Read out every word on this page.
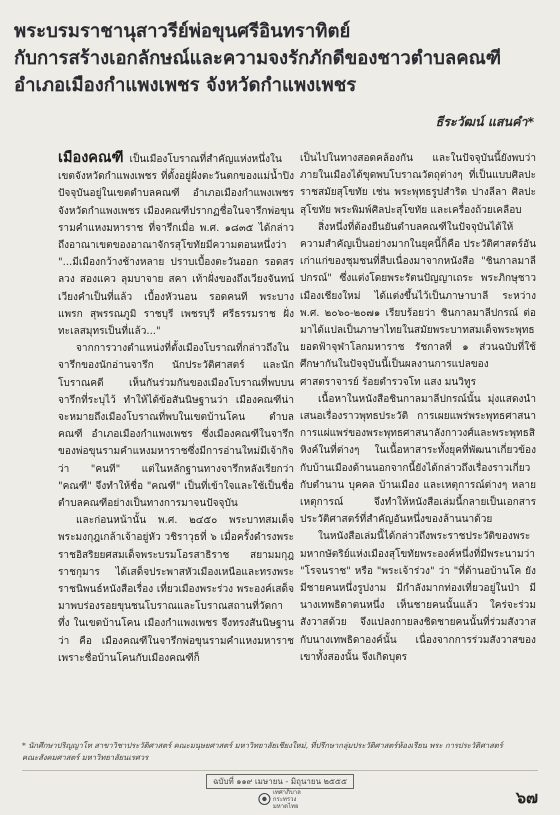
พระบรมราชานุสาวรีย์พ่อขุนศรีอินทราทิตย์
กับการสร้างเอกลักษณ์และความจงรักภักดีของชาวตำบลคณฑี
อำเภอเมืองกำแพงเพชร จังหวัดกำแพงเพชร
ธีระวัฒน์ แสนคำ*

เมืองคณฑี เป็นเมืองโบราณที่สำคัญแห่งหนึ่งในเขตจังหวัดกำแพงเพชร ที่ตั้งอยู่ฝั่งตะวันตกของแม่น้ำปิง ปัจจุบันอยู่ในเขตตำบลคณฑี อำเภอเมืองกำแพงเพชร จังหวัดกำแพงเพชร เมืองคณฑีปรากฏชื่อในจารึกพ่อขุนรามคำแหงมหาราช ที่จารึกเมื่อ พ.ศ. ๑๘๓๕ ได้กล่าวถึงอาณาเขตของอาณาจักรสุโขทัยมีความตอนหนึ่งว่า "...มีเมืองกว้างช้างหลาย ปราบเบื้องตะวันออก รอดสรลวง สองแคว ลุมบาจาย สคา เท้าฝั่งของถึงเวียงจันทน์เวียงคำเป็นที่แล้ว เบื้องหัวนอน รอดคนที พระบาง แพรก สุพรรณภูมิ ราชบุรี เพชรบุรี ศรีธรรมราช ฝั่งทะเลสมุทรเป็นที่แล้ว..."

จากการวางตำแหน่งที่ตั้งเมืองโบราณที่กล่าวถึงในจารึกของนักอ่านจารึก นักประวัติศาสตร์ และนักโบราณคดี เห็นกันร่วมกันของเมืองโบราณที่พบบนจารึกที่ระบุไว้ ทำให้ได้ข้อสันนิษฐานว่า เมืองคณฑีน่าจะหมายถึงเมืองโบราณที่พบในเขตบ้านโคน ตำบลคณฑี อำเภอเมืองกำแพงเพชร ซึ่งเมืองคณฑีในจารึกของพ่อขุนรามคำแหงมหาราชซึ่งมีการอ่านใหม่มีเจ้ากิจว่า "คนที" แต่ในหลักฐานทางจารึกหลังเรียกว่า "คณฑี" จึงทำให้ชื่อ "คณฑี" เป็นที่เข้าใจและใช้เป็นชื่อตำบลคณฑีอย่างเป็นทางการมาจนปัจจุบัน

และก่อนหน้านั้น พ.ศ. ๒๔๕๐ พระบาทสมเด็จพระมงกุฎเกล้าเจ้าอยู่หัว วชิราวุธที่ ๖ เมื่อครั้งดำรงพระราชอิสริยยศสมเด็จพระบรมโอรสาธิราช สยามมกุฎราชกุมาร ได้เสด็จประพาสหัวเมืองเหนือและทรงพระราชนิพนธ์หนังสือเรื่อง เที่ยวเมืองพระร่วง พระองค์เสด็จมาพบร่องรอยขุนชนโบราณและโบราณสถานที่วัดกาทึ่ง ในเขตบ้านโคน เมืองกำแพงเพชร จึงทรงสันนิษฐานว่า คือ เมืองคณฑีในจารึกพ่อขุนรามคำแหงมหาราช เพราะชื่อบ้านโคนกับเมืองคณฑีก็

เป็นไปในทางสอดคล้องกัน และในปัจจุบันนี้ยังพบว่าภายในเมืองได้ขุดพบโบราณวัตถุต่างๆ ที่เป็นแบบศิลปะราชสมัยสุโขทัย เช่น พระพุทธรูปสำริด ปางลีลา ศิลปะสุโขทัย พระพิมพ์ศิลปะสุโขทัย และเครื่องถ้วยเคลือบ

สิ่งหนึ่งที่ต้องยืนยันตำบลคณฑีในปัจจุบันได้ให้ความสำคัญเป็นอย่างมากในยุคนี้ก็คือ ประวัติศาสตร์อันเก่าแก่ของชุมชนที่สืบเนื่องมาจากหนังสือ "ชินกาลมาลีปกรณ์" ซึ่งแต่งโดยพระรัตนปัญญาเถระ พระภิกษุชาวเมืองเชียงใหม่ ได้แต่งขึ้นไว้เป็นภาษาบาลี ระหว่าง พ.ศ. ๒๐๖๐-๒๐๗๑ เรียบร้อยว่า ชินกาลมาลีปกรณ์ ต่อมาได้แปลเป็นภาษาไทยในสมัยพระบาทสมเด็จพระพุทธยอดฟ้าจุฬาโลกมหาราช รัชกาลที่ ๑ ส่วนฉบับที่ใช้ศึกษากันในปัจจุบันนี้เป็นผลงานการแปลของศาสตราจารย์ ร้อยตำรวจโท แสง มนวิทูร

เนื้อหาในหนังสือชินกาลมาลีปกรณ์นั้น มุ่งแสดงนำเสนอเรื่องราวพุทธประวัติ การเผยแพร่พระพุทธศาสนา การแผ่แพร่ของพระพุทธศาสนาลังกาวงศ์และพระพุทธสิหิงค์ในที่ต่างๆ ในเนื้อหาสาระทั้งยุคที่พัฒนาเกี่ยวข้องกับบ้านเมืองด้านนอกจากนี้ยังได้กล่าวถึงเรื่องราวเกี่ยวกับตำนาน บุคคล บ้านเมือง และเหตุการณ์ต่างๆ หลายเหตุการณ์ จึงทำให้หนังสือเล่มนี้กลายเป็นเอกสารประวัติศาสตร์ที่สำคัญอันหนึ่งของล้านนาด้วย

ในหนังสือเล่มนี้ได้กล่าวถึงพระราชประวัติของพระมหากษัตริย์แห่งเมืองสุโขทัยพระองค์หนึ่งที่มีพระนามว่า "โรจนราช" หรือ "พระเจ้าร่วง" ว่า "ที่ด้านอบ้านโค ยังมีชายคนหนึ่งรูปงาม มีกำลังมากท่องเที่ยวอยู่ในป่า มีนางเทพธิดาตนหนึ่ง เห็นชายคนนั้นแล้ว ใคร่จะร่วมสังวาสด้วย จึงแปลงกายลงชิดชายคนนั้นที่ร่วมสังวาสกับนางเทพธิดาองค์นั้น เนื่องจากการร่วมสังวาสของเขาทั้งสองนั้น จึงเกิดบุตร

* นักศึกษาปริญญาโท สาขาวิชาประวัติศาสตร์ คณะมนุษยศาสตร์ มหาวิทยาลัยเชียงใหม่, ที่ปรึกษากลุ่มประวัติศาสตร์ห้องเรียน พระ การประวัติศาสตร์ คณะสังคมศาสตร์ มหาวิทยาลัยนเรศวร
ฉบับที่ ๑๑๙ เมษายน - มิถุนายน ๒๕๕๕
เทศาภิบาล
กระทรวงมหาดไทย	๖๗
